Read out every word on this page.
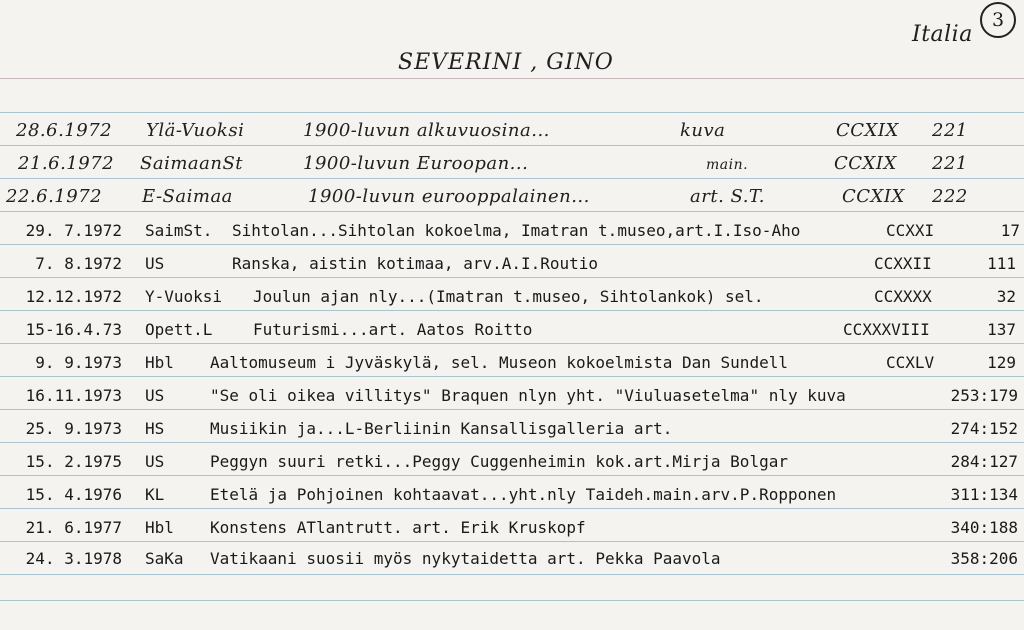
SEVERINI , GINO
Italia
3
28.6.1972 Ylä-Vuoksi	1900-luvun alkuvuosina...	kuva	CCXIX 221
21.6.1972 SaimaanSt	1900-luvun Euroopan...	main.	CCXIX 221
22.6.1972 E-Saimaa	1900-luvun eurooppalainen...	art. S.T.	CCXIX 222
29. 7.1972 SaimSt. Sihtolan...Sihtolan kokoelma, Imatran t.museo,art.I.Iso-Aho	CCXXI	17
7. 8.1972 US	Ranska, aistin kotimaa, arv.A.I.Routio	CCXXII	111
12.12.1972 Y-Vuoksi Joulun ajan nly...(Imatran t.museo, Sihtolankok) sel.	CCXXXX	32
15-16.4.73 Opett.L	Futurismi...art. Aatos Roitto	CCXXXVIII	137
9. 9.1973 Hbl Aaltomuseum i Jyväskylä, sel. Museon kokoelmista Dan Sundell	CCXLV	129
16.11.1973 US	"Se oli oikea villitys" Braquen nlyn yht. "Viuluasetelma" nly kuva	253:179
25. 9.1973 HS	Musiikin ja...L-Berliinin Kansallisgalleria art.	274:152
15. 2.1975 US	Peggyn suuri retki...Peggy Cuggenheimin kok.art.Mirja Bolgar	284:127
15. 4.1976 KL	Etelä ja Pohjoinen kohtaavat...yht.nly Taideh.main.arv.P.Ropponen	311:134
21. 6.1977 Hbl Konstens ATlantrutt. art. Erik Kruskopf	340:188
24. 3.1978 SaKa Vatikaani suosii myös nykytaidetta art. Pekka Paavola	358:206
